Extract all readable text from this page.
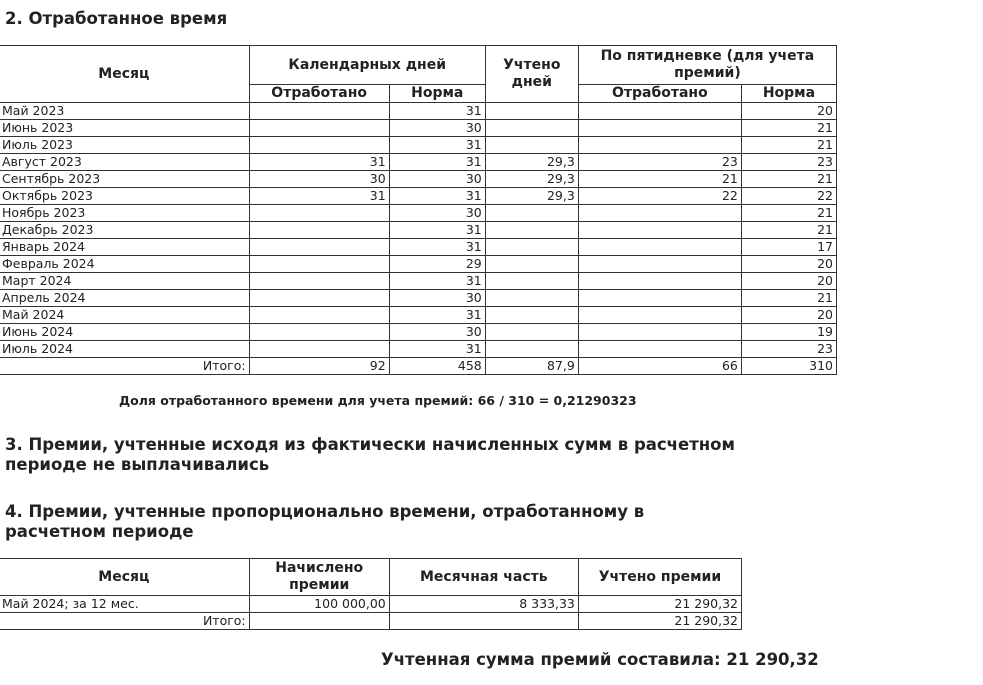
2. Отработанное время
Месяц	Календарных дней		Учтено дней	По пятидневке (для учета премий)	
	Отработано	Норма		Отработано	Норма
Май 2023		31			20
Июнь 2023		30			21
Июль 2023		31			21
Август 2023	31	31	29,3	23	23
Сентябрь 2023	30	30	29,3	21	21
Октябрь 2023	31	31	29,3	22	22
Ноябрь 2023		30			21
Декабрь 2023		31			21
Январь 2024		31			17
Февраль 2024		29			20
Март 2024		31			20
Апрель 2024		30			21
Май 2024		31			20
Июнь 2024		30			19
Июль 2024		31			23
Итого:	92	458	87,9	66	310
Доля отработанного времени для учета премий: 66 / 310 = 0,21290323
3. Премии, учтенные исходя из фактически начисленных сумм в расчетном
периоде не выплачивались
4. Премии, учтенные пропорционально времени, отработанному в
расчетном периоде
Месяц	Начислено премии	Месячная часть	Учтено премии
Май 2024; за 12 мес.	100 000,00	8 333,33	21 290,32
Итого:			21 290,32
Учтенная сумма премий составила: 21 290,32
